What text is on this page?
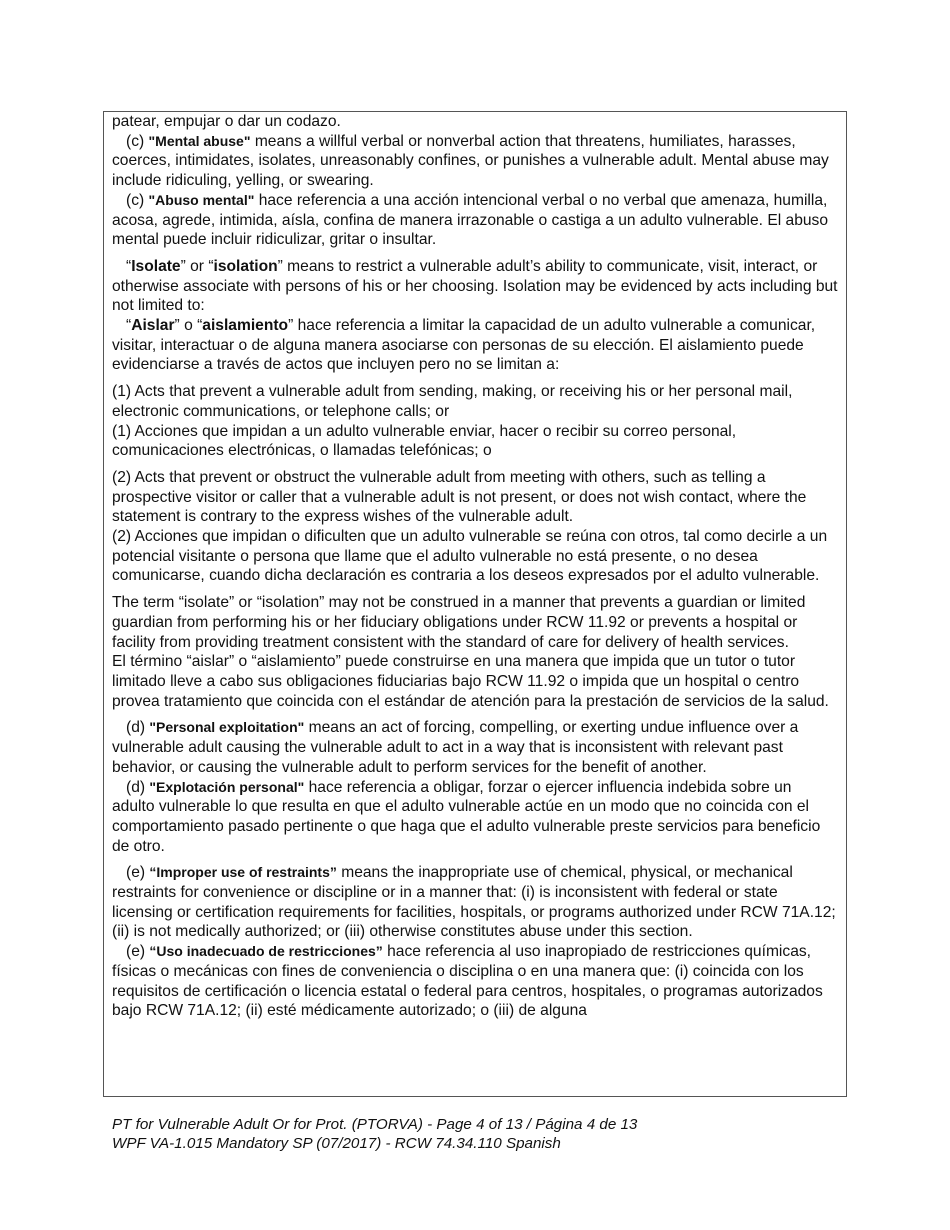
patear, empujar o dar un codazo.

(c) "Mental abuse" means a willful verbal or nonverbal action that threatens, humiliates, harasses, coerces, intimidates, isolates, unreasonably confines, or punishes a vulnerable adult. Mental abuse may include ridiculing, yelling, or swearing.

(c) "Abuso mental" hace referencia a una acción intencional verbal o no verbal que amenaza, humilla, acosa, agrede, intimida, aísla, confina de manera irrazonable o castiga a un adulto vulnerable. El abuso mental puede incluir ridiculizar, gritar o insultar.

“Isolate” or “isolation” means to restrict a vulnerable adult’s ability to communicate, visit, interact, or otherwise associate with persons of his or her choosing. Isolation may be evidenced by acts including but not limited to:

“Aislar” o “aislamiento” hace referencia a limitar la capacidad de un adulto vulnerable a comunicar, visitar, interactuar o de alguna manera asociarse con personas de su elección. El aislamiento puede evidenciarse a través de actos que incluyen pero no se limitan a:

(1) Acts that prevent a vulnerable adult from sending, making, or receiving his or her personal mail, electronic communications, or telephone calls; or

(1) Acciones que impidan a un adulto vulnerable enviar, hacer o recibir su correo personal, comunicaciones electrónicas, o llamadas telefónicas; o

(2) Acts that prevent or obstruct the vulnerable adult from meeting with others, such as telling a prospective visitor or caller that a vulnerable adult is not present, or does not wish contact, where the statement is contrary to the express wishes of the vulnerable adult.

(2) Acciones que impidan o dificulten que un adulto vulnerable se reúna con otros, tal como decirle a un potencial visitante o persona que llame que el adulto vulnerable no está presente, o no desea comunicarse, cuando dicha declaración es contraria a los deseos expresados por el adulto vulnerable.

The term “isolate” or “isolation” may not be construed in a manner that prevents a guardian or limited guardian from performing his or her fiduciary obligations under RCW 11.92 or prevents a hospital or facility from providing treatment consistent with the standard of care for delivery of health services.

El término “aislar” o “aislamiento” puede construirse en una manera que impida que un tutor o tutor limitado lleve a cabo sus obligaciones fiduciarias bajo RCW 11.92 o impida que un hospital o centro provea tratamiento que coincida con el estándar de atención para la prestación de servicios de la salud.

(d) "Personal exploitation" means an act of forcing, compelling, or exerting undue influence over a vulnerable adult causing the vulnerable adult to act in a way that is inconsistent with relevant past behavior, or causing the vulnerable adult to perform services for the benefit of another.

(d) "Explotación personal" hace referencia a obligar, forzar o ejercer influencia indebida sobre un adulto vulnerable lo que resulta en que el adulto vulnerable actúe en un modo que no coincida con el comportamiento pasado pertinente o que haga que el adulto vulnerable preste servicios para beneficio de otro.

(e) “Improper use of restraints” means the inappropriate use of chemical, physical, or mechanical restraints for convenience or discipline or in a manner that: (i) is inconsistent with federal or state licensing or certification requirements for facilities, hospitals, or programs authorized under RCW 71A.12; (ii) is not medically authorized; or (iii) otherwise constitutes abuse under this section.

(e) “Uso inadecuado de restricciones” hace referencia al uso inapropiado de restricciones químicas, físicas o mecánicas con fines de conveniencia o disciplina o en una manera que: (i) coincida con los requisitos de certificación o licencia estatal o federal para centros, hospitales, o programas autorizados bajo RCW 71A.12; (ii) esté médicamente autorizado; o (iii) de alguna

PT for Vulnerable Adult Or for Prot. (PTORVA) - Page 4 of 13 / Página 4 de 13
WPF VA-1.015 Mandatory SP (07/2017) - RCW 74.34.110 Spanish
